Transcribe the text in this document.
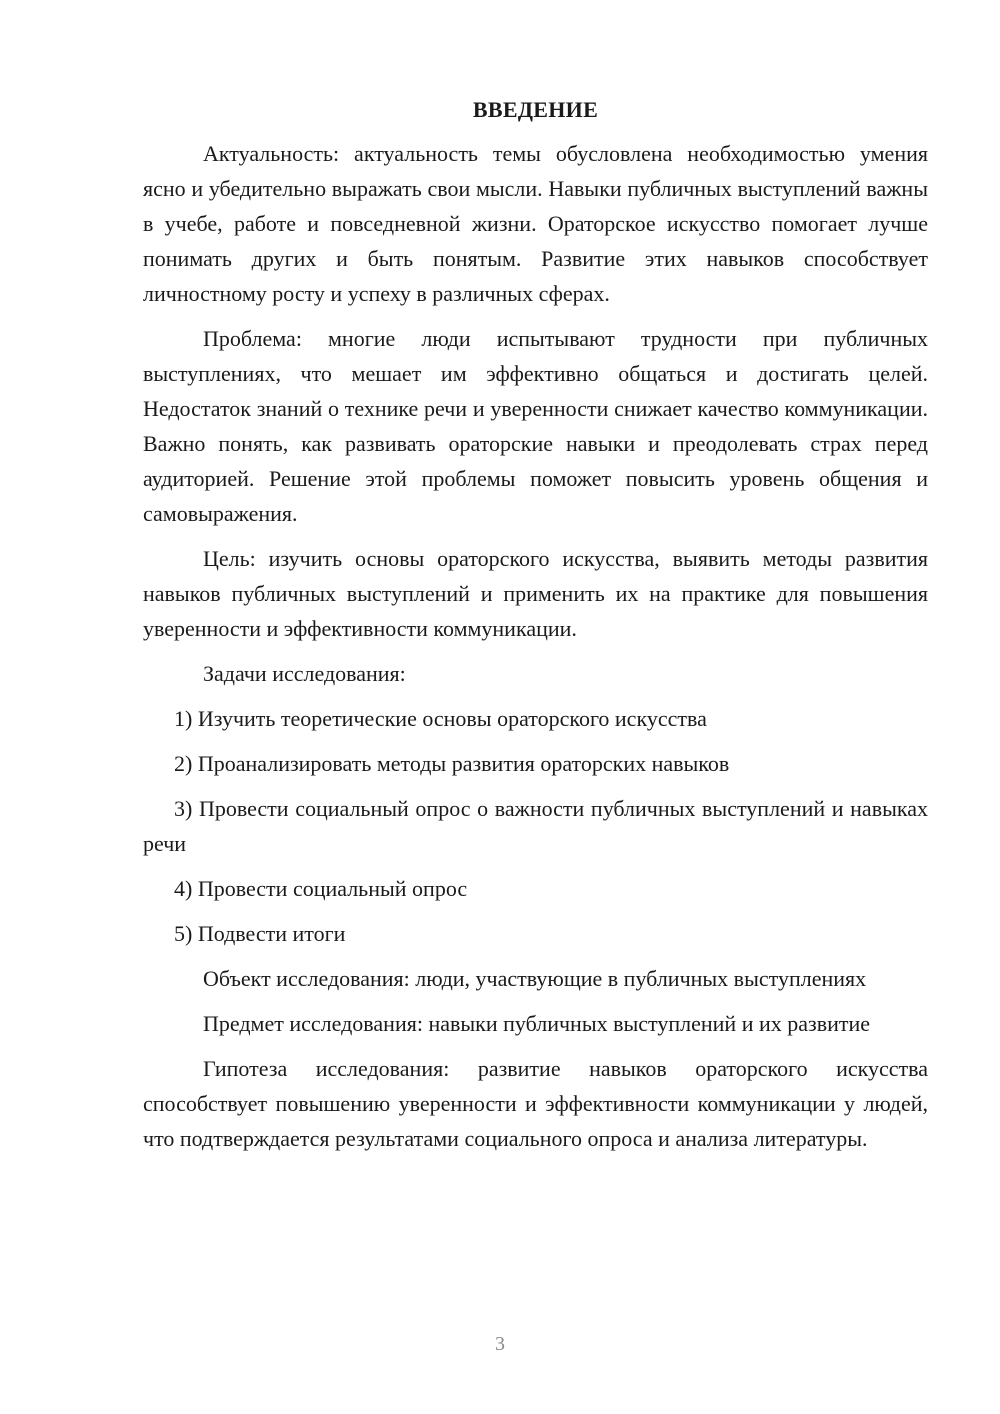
ВВЕДЕНИЕ

Актуальность: актуальность темы обусловлена необходимостью умения ясно и убедительно выражать свои мысли. Навыки публичных выступлений важны в учебе, работе и повседневной жизни. Ораторское искусство помогает лучше понимать других и быть понятым. Развитие этих навыков способствует личностному росту и успеху в различных сферах.

Проблема: многие люди испытывают трудности при публичных выступлениях, что мешает им эффективно общаться и достигать целей. Недостаток знаний о технике речи и уверенности снижает качество коммуникации. Важно понять, как развивать ораторские навыки и преодолевать страх перед аудиторией. Решение этой проблемы поможет повысить уровень общения и самовыражения.

Цель: изучить основы ораторского искусства, выявить методы развития навыков публичных выступлений и применить их на практике для повышения уверенности и эффективности коммуникации.

Задачи исследования:

1) Изучить теоретические основы ораторского искусства

2) Проанализировать методы развития ораторских навыков

3) Провести социальный опрос о важности публичных выступлений и навыках речи

4) Провести социальный опрос

5) Подвести итоги

Объект исследования: люди, участвующие в публичных выступлениях

Предмет исследования: навыки публичных выступлений и их развитие

Гипотеза исследования: развитие навыков ораторского искусства способствует повышению уверенности и эффективности коммуникации у людей, что подтверждается результатами социального опроса и анализа литературы.

3
